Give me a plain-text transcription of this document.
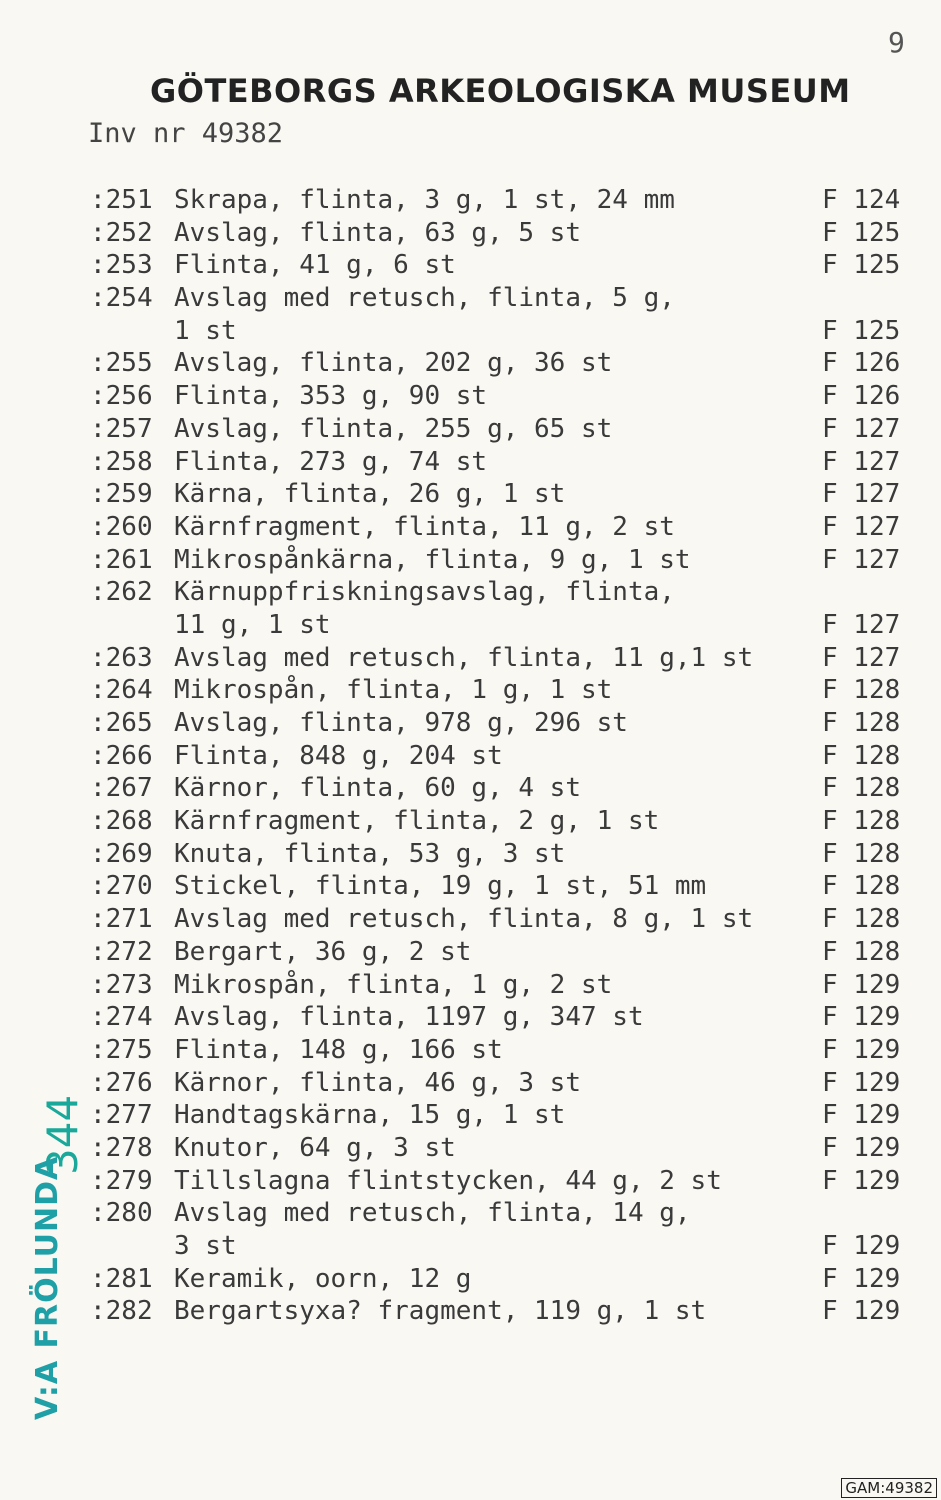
9
GÖTEBORGS ARKEOLOGISKA MUSEUM
Inv nr 49382
:251 Skrapa, flinta, 3 g, 1 st, 24 mm	F 124
:252 Avslag, flinta, 63 g, 5 st	F 125
:253 Flinta, 41 g, 6 st	F 125
:254 Avslag med retusch, flinta, 5 g,
1 st	F 125
:255 Avslag, flinta, 202 g, 36 st	F 126
:256 Flinta, 353 g, 90 st	F 126
:257 Avslag, flinta, 255 g, 65 st	F 127
:258 Flinta, 273 g, 74 st	F 127
:259 Kärna, flinta, 26 g, 1 st	F 127
:260 Kärnfragment, flinta, 11 g, 2 st	F 127
:261 Mikrospånkärna, flinta, 9 g, 1 st	F 127
:262 Kärnuppfriskningsavslag, flinta,
11 g, 1 st	F 127
:263 Avslag med retusch, flinta, 11 g,1 st	F 127
:264 Mikrospån, flinta, 1 g, 1 st	F 128
:265 Avslag, flinta, 978 g, 296 st	F 128
:266 Flinta, 848 g, 204 st	F 128
:267 Kärnor, flinta, 60 g, 4 st	F 128
:268 Kärnfragment, flinta, 2 g, 1 st	F 128
:269 Knuta, flinta, 53 g, 3 st	F 128
:270 Stickel, flinta, 19 g, 1 st, 51 mm	F 128
:271 Avslag med retusch, flinta, 8 g, 1 st	F 128
:272 Bergart, 36 g, 2 st	F 128
:273 Mikrospån, flinta, 1 g, 2 st	F 129
:274 Avslag, flinta, 1197 g, 347 st	F 129
:275 Flinta, 148 g, 166 st	F 129
:276 Kärnor, flinta, 46 g, 3 st	F 129
:277 Handtagskärna, 15 g, 1 st	F 129
:278 Knutor, 64 g, 3 st	F 129
:279 Tillslagna flintstycken, 44 g, 2 st	F 129
:280 Avslag med retusch, flinta, 14 g,
3 st	F 129
:281 Keramik, oorn, 12 g	F 129
:282 Bergartsyxa? fragment, 119 g, 1 st	F 129
344
V:A FRÖLUNDA
GAM:49382
